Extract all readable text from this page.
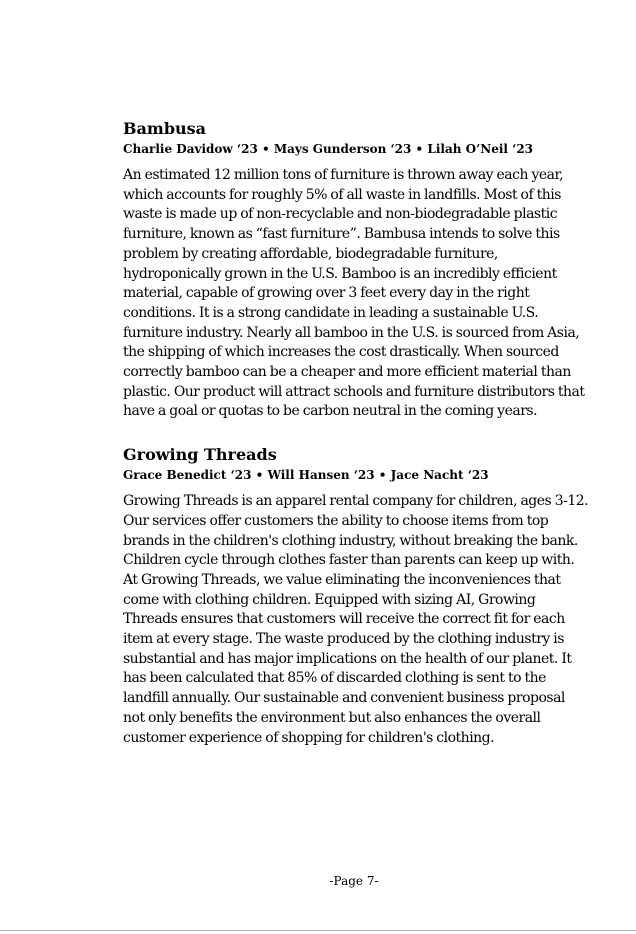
Bambusa
Charlie Davidow ‘23 • Mays Gunderson ‘23 • Lilah O’Neil ‘23

An estimated 12 million tons of furniture is thrown away each year, which accounts for roughly 5% of all waste in landfills. Most of this waste is made up of non-recyclable and non-biodegradable plastic furniture, known as “fast furniture”. Bambusa intends to solve this problem by creating affordable, biodegradable furniture, hydroponically grown in the U.S. Bamboo is an incredibly efficient material, capable of growing over 3 feet every day in the right conditions. It is a strong candidate in leading a sustainable U.S. furniture industry. Nearly all bamboo in the U.S. is sourced from Asia, the shipping of which increases the cost drastically. When sourced correctly bamboo can be a cheaper and more efficient material than plastic. Our product will attract schools and furniture distributors that have a goal or quotas to be carbon neutral in the coming years.

Growing Threads
Grace Benedict ‘23 • Will Hansen ‘23 • Jace Nacht ‘23

Growing Threads is an apparel rental company for children, ages 3-12. Our services offer customers the ability to choose items from top brands in the children's clothing industry, without breaking the bank. Children cycle through clothes faster than parents can keep up with. At Growing Threads, we value eliminating the inconveniences that come with clothing children. Equipped with sizing AI, Growing Threads ensures that customers will receive the correct fit for each item at every stage. The waste produced by the clothing industry is substantial and has major implications on the health of our planet. It has been calculated that 85% of discarded clothing is sent to the landfill annually. Our sustainable and convenient business proposal not only benefits the environment but also enhances the overall customer experience of shopping for children's clothing.

-Page 7-
